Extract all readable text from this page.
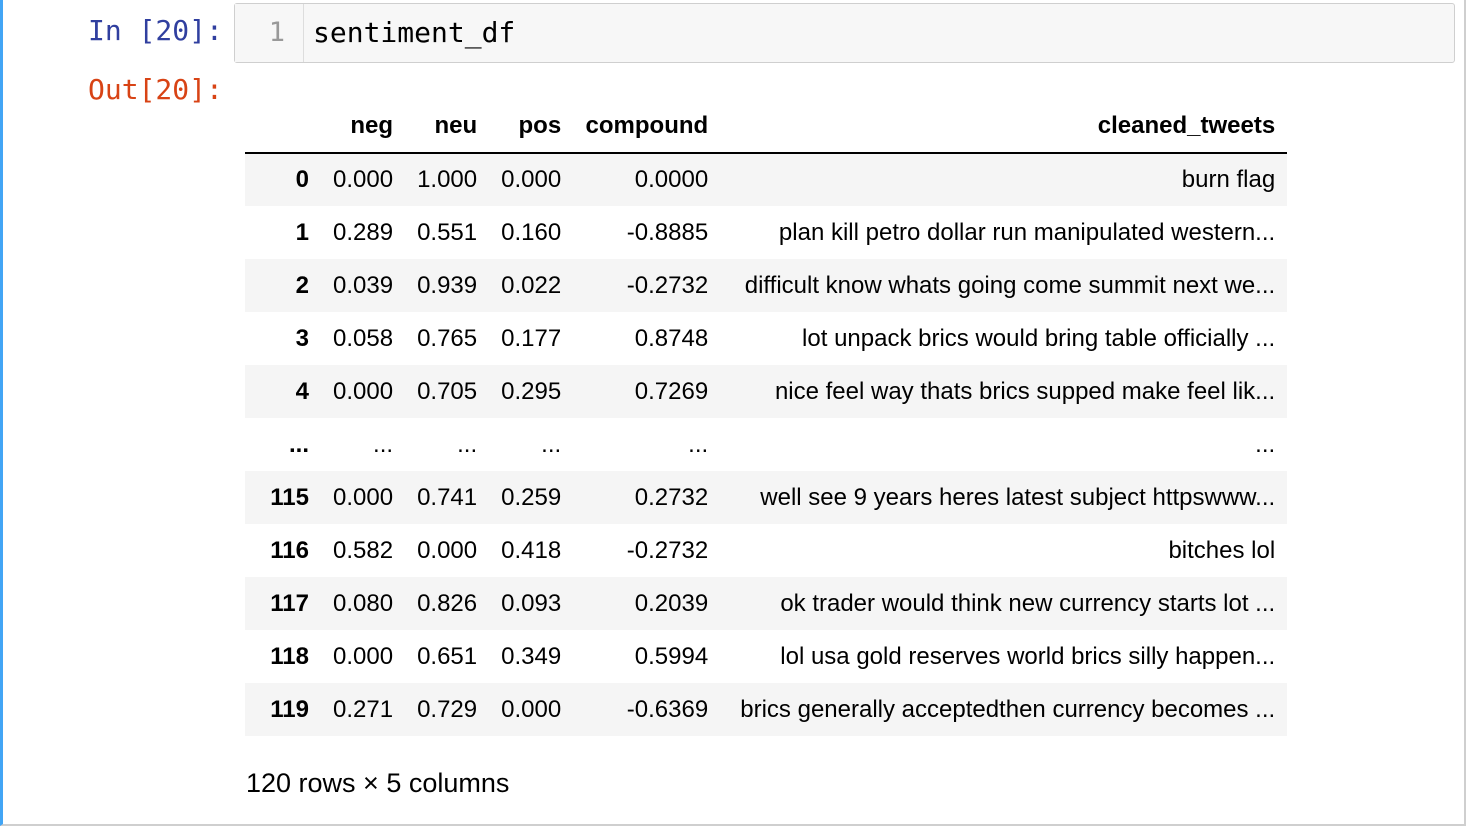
In [20]: 1 sentiment_df
Out[20]:
	neg	neu	pos	compound	cleaned_tweets
0	0.000	1.000	0.000	0.0000	burn flag
1	0.289	0.551	0.160	-0.8885	plan kill petro dollar run manipulated western...
2	0.039	0.939	0.022	-0.2732	difficult know whats going come summit next we...
3	0.058	0.765	0.177	0.8748	lot unpack brics would bring table officially ...
4	0.000	0.705	0.295	0.7269	nice feel way thats brics supped make feel lik...
...	...	...	...	...	...
115	0.000	0.741	0.259	0.2732	well see 9 years heres latest subject httpswww...
116	0.582	0.000	0.418	-0.2732	bitches lol
117	0.080	0.826	0.093	0.2039	ok trader would think new currency starts lot ...
118	0.000	0.651	0.349	0.5994	lol usa gold reserves world brics silly happen...
119	0.271	0.729	0.000	-0.6369	brics generally acceptedthen currency becomes ...
120 rows × 5 columns
